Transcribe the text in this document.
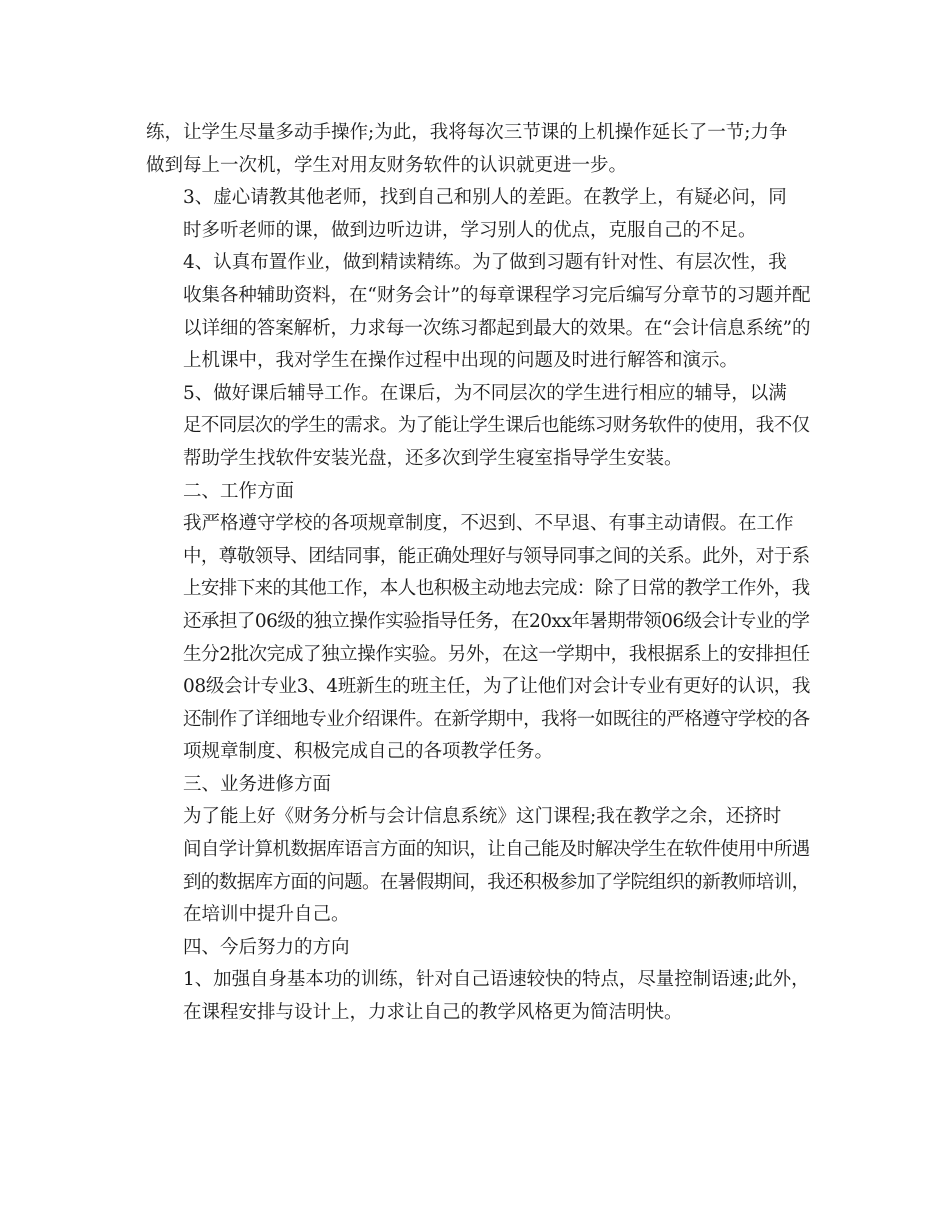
练，让学生尽量多动手操作;为此，我将每次三节课的上机操作延长了一节;力争
做到每上一次机，学生对用友财务软件的认识就更进一步。

3、虚心请教其他老师，找到自己和别人的差距。在教学上，有疑必问，同
时多听老师的课，做到边听边讲，学习别人的优点，克服自己的不足。

4、认真布置作业，做到精读精练。为了做到习题有针对性、有层次性，我
收集各种辅助资料，在“财务会计”的每章课程学习完后编写分章节的习题并配
以详细的答案解析，力求每一次练习都起到最大的效果。在“会计信息系统”的
上机课中，我对学生在操作过程中出现的问题及时进行解答和演示。

5、做好课后辅导工作。在课后，为不同层次的学生进行相应的辅导，以满
足不同层次的学生的需求。为了能让学生课后也能练习财务软件的使用，我不仅
帮助学生找软件安装光盘，还多次到学生寝室指导学生安装。

二、工作方面

我严格遵守学校的各项规章制度，不迟到、不早退、有事主动请假。在工作
中，尊敬领导、团结同事，能正确处理好与领导同事之间的关系。此外，对于系
上安排下来的其他工作，本人也积极主动地去完成：除了日常的教学工作外，我
还承担了06级的独立操作实验指导任务，在20xx年暑期带领06级会计专业的学
生分2批次完成了独立操作实验。另外，在这一学期中，我根据系上的安排担任
08级会计专业3、4班新生的班主任，为了让他们对会计专业有更好的认识，我
还制作了详细地专业介绍课件。在新学期中，我将一如既往的严格遵守学校的各
项规章制度、积极完成自己的各项教学任务。

三、业务进修方面

为了能上好《财务分析与会计信息系统》这门课程;我在教学之余，还挤时
间自学计算机数据库语言方面的知识，让自己能及时解决学生在软件使用中所遇
到的数据库方面的问题。在暑假期间，我还积极参加了学院组织的新教师培训，
在培训中提升自己。

四、今后努力的方向

1、加强自身基本功的训练，针对自己语速较快的特点，尽量控制语速;此外，
在课程安排与设计上，力求让自己的教学风格更为简洁明快。
